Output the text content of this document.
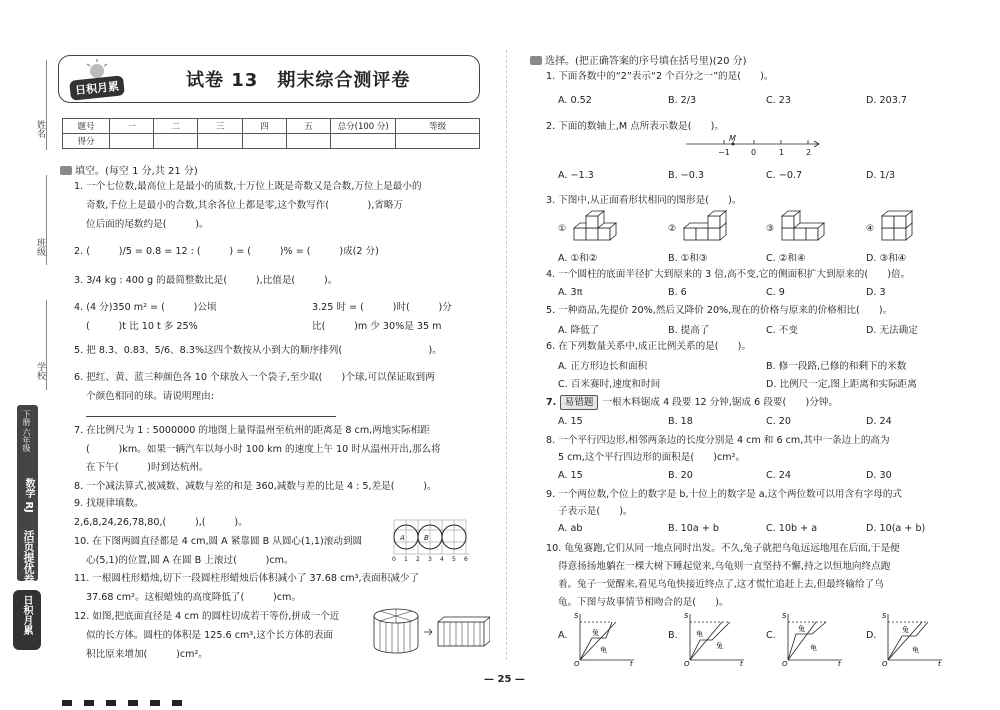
姓名
班级
学校
数学 RJ
六年级
下册
活页提优卷
日积月累
日积月累	试卷 13　期末综合测评卷
题号	一	二	三	四	五	总分(100 分)	等级
得分							
填空。(每空 1 分,共 21 分)
1. 一个七位数,最高位上是最小的质数,十万位上既是奇数又是合数,万位上是最小的
奇数,千位上是最小的合数,其余各位上都是零,这个数写作(　　　　),省略万
位后面的尾数约是(　　　)。
2. (　　　)/5 = 0.8 = 12 : (　　　) = (　　　)% = (　　　)成(2 分)
3. 3/4 kg : 400 g 的最简整数比是(　　　),比值是(　　　)。
4. (4 分)350 m² = (　　　)公顷	3.25 时 = (　　　)时(　　　)分
(　　　)t 比 10 t 多 25%	比(　　　)m 少 30%是 35 m
5. 把 8.3、0.83、5/6、8.3%这四个数按从小到大的顺序排列(　　　　　　　　　)。
6. 把红、黄、蓝三种颜色各 10 个球放入一个袋子,至少取(　　)个球,可以保证取到两
个颜色相同的球。请说明理由:
7. 在比例尺为 1 : 5000000 的地图上量得温州至杭州的距离是 8 cm,两地实际相距
(　　　)km。如果一辆汽车以每小时 100 km 的速度上午 10 时从温州开出,那么将
在下午(　　　)时到达杭州。
8. 一个减法算式,被减数、减数与差的和是 360,减数与差的比是 4 : 5,差是(　　　)。
9. 找规律填数。
2,6,8,24,26,78,80,(　　　),(　　　)。
10. 在下图两圆直径都是 4 cm,圆 A 紧靠圆 B 从圆心(1,1)滚动到圆
心(5,1)的位置,圆 A 在圆 B 上滚过(　　　)cm。
A	B
0 1 2 3 4 5 6
11. 一根圆柱形蜡烛,切下一段圆柱形蜡烛后体积减小了 37.68 cm³,表面积减少了
37.68 cm²。这根蜡烛的高度降低了(　　　)cm。
12. 如图,把底面直径是 4 cm 的圆柱切成若干等份,拼成一个近
似的长方体。圆柱的体积是 125.6 cm³,这个长方体的表面
积比原来增加(　　　)cm²。
选择。(把正确答案的序号填在括号里)(20 分)
1. 下面各数中的“2”表示“2 个百分之一”的是(　　)。
A. 0.52	B. 2/3	C. 23	D. 203.7
2. 下面的数轴上,M 点所表示数是(　　)。
M
−1	0	1	2
A. −1.3	B. −0.3	C. −0.7	D. 1/3
3. 下图中,从正面看形状相同的图形是(　　)。
①	②	③	④
A. ①和②	B. ①和③	C. ②和④	D. ③和④
4. 一个圆柱的底面半径扩大到原来的 3 倍,高不变,它的侧面积扩大到原来的(　　)倍。
A. 3π	B. 6	C. 9	D. 3
5. 一种商品,先提价 20%,然后又降价 20%,现在的价格与原来的价格相比(　　)。
A. 降低了	B. 提高了	C. 不变	D. 无法确定
6. 在下列数量关系中,成正比例关系的是(　　)。
A. 正方形边长和面积	B. 修一段路,已修的和剩下的米数
C. 百米赛时,速度和时间	D. 比例尺一定,图上距离和实际距离
7. 易错题 一根木料锯成 4 段要 12 分钟,锯成 6 段要(　　)分钟。
A. 15	B. 18	C. 20	D. 24
8. 一个平行四边形,相邻两条边的长度分别是 4 cm 和 6 cm,其中一条边上的高为
5 cm,这个平行四边形的面积是(　　)cm²。
A. 15	B. 20	C. 24	D. 30
9. 一个两位数,个位上的数字是 b,十位上的数字是 a,这个两位数可以用含有字母的式
子表示是(　　)。
A. ab	B. 10a + b	C. 10b + a	D. 10(a + b)
10. 龟兔赛跑,它们从同一地点同时出发。不久,兔子就把乌龟远远地甩在后面,于是便
得意扬扬地躺在一棵大树下睡起觉来,乌龟则一直坚持不懈,持之以恒地向终点跑
着。兔子一觉醒来,看见乌龟快接近终点了,这才慌忙追赶上去,但最终输给了乌
龟。下图与故事情节相吻合的是(　　)。
A.
S
O	t
兔
龟
B.
S
O	t
龟
兔
C.
S
O	t
兔
龟
D.
S
O	t
兔
龟
— 25 —
